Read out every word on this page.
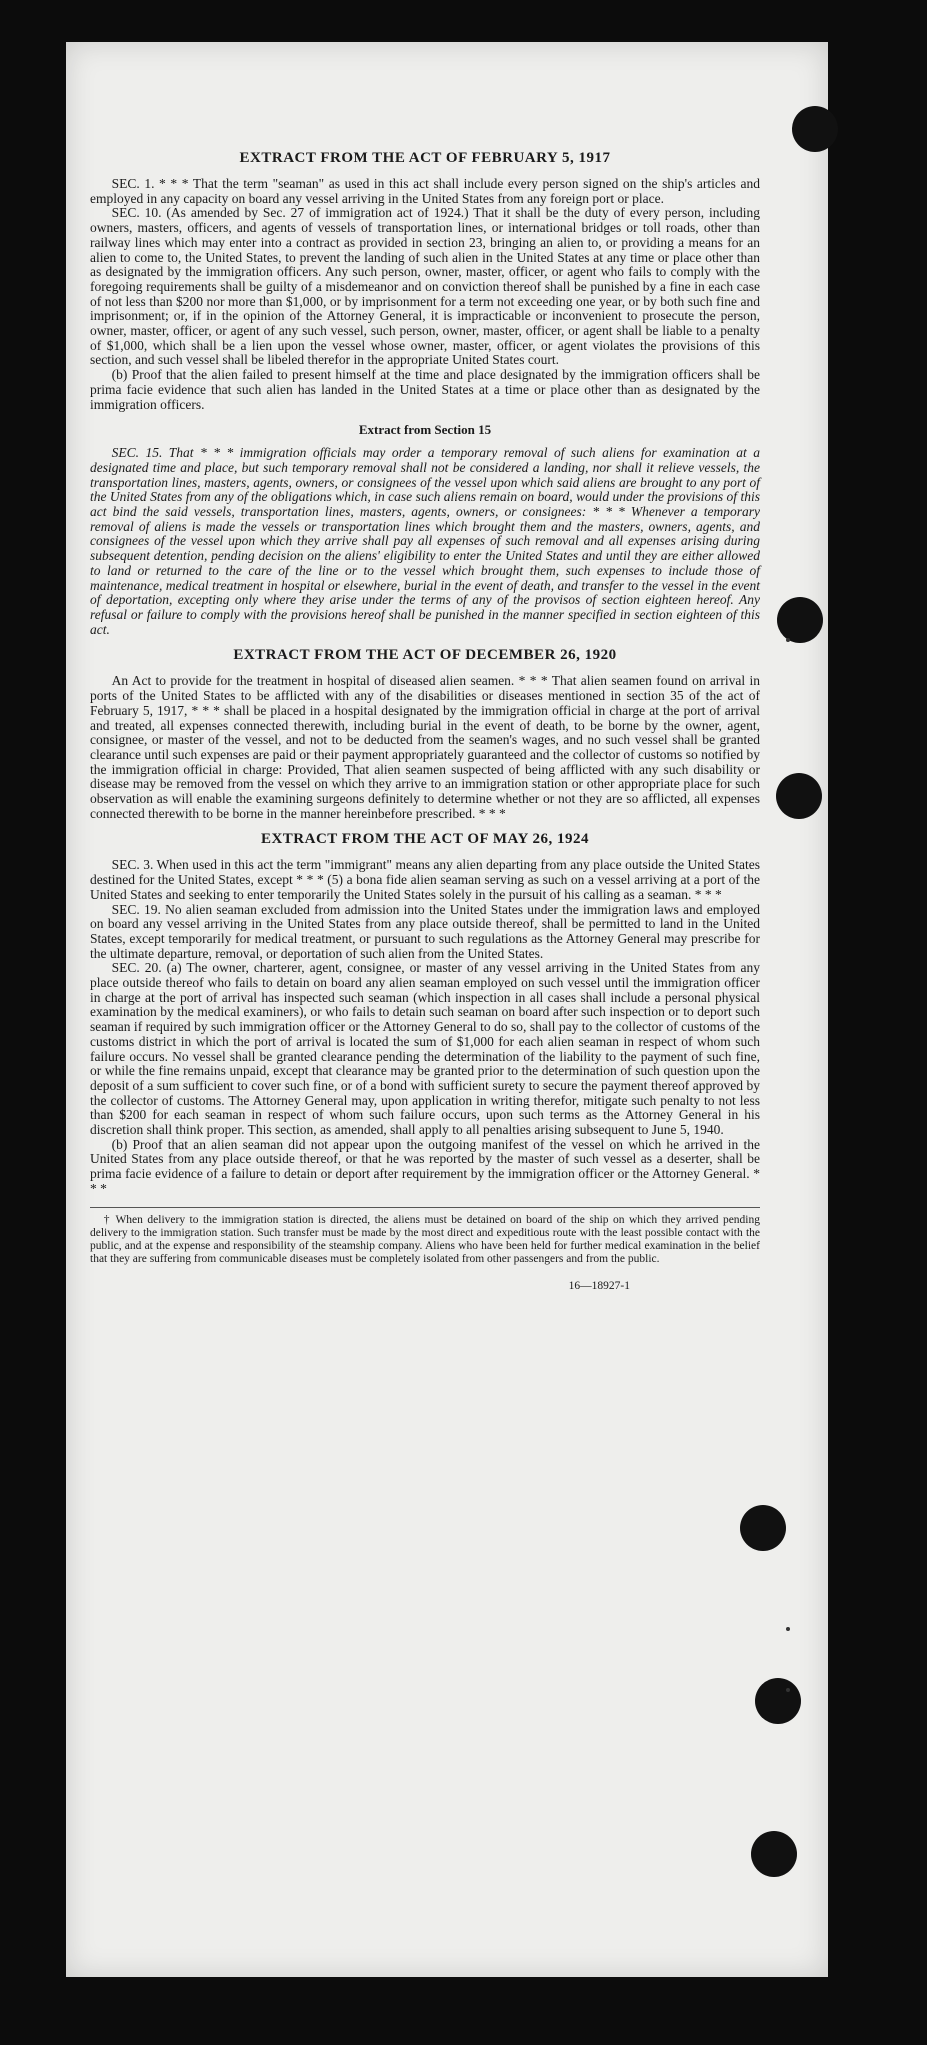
EXTRACT FROM THE ACT OF FEBRUARY 5, 1917

SEC. 1. * * * That the term "seaman" as used in this act shall include every person signed on the ship's articles and employed in any capacity on board any vessel arriving in the United States from any foreign port or place.

SEC. 10. (As amended by Sec. 27 of immigration act of 1924.) That it shall be the duty of every person, including owners, masters, officers, and agents of vessels of transportation lines, or international bridges or toll roads, other than railway lines which may enter into a contract as provided in section 23, bringing an alien to, or providing a means for an alien to come to, the United States, to prevent the landing of such alien in the United States at any time or place other than as designated by the immigration officers. Any such person, owner, master, officer, or agent who fails to comply with the foregoing requirements shall be guilty of a misdemeanor and on conviction thereof shall be punished by a fine in each case of not less than $200 nor more than $1,000, or by imprisonment for a term not exceeding one year, or by both such fine and imprisonment; or, if in the opinion of the Attorney General, it is impracticable or inconvenient to prosecute the person, owner, master, officer, or agent of any such vessel, such person, owner, master, officer, or agent shall be liable to a penalty of $1,000, which shall be a lien upon the vessel whose owner, master, officer, or agent violates the provisions of this section, and such vessel shall be libeled therefor in the appropriate United States court.

(b) Proof that the alien failed to present himself at the time and place designated by the immigration officers shall be prima facie evidence that such alien has landed in the United States at a time or place other than as designated by the immigration officers.

Extract from Section 15

SEC. 15. That * * * immigration officials may order a temporary removal of such aliens for examination at a designated time and place, but such temporary removal shall not be considered a landing, nor shall it relieve vessels, the transportation lines, masters, agents, owners, or consignees of the vessel upon which said aliens are brought to any port of the United States from any of the obligations which, in case such aliens remain on board, would under the provisions of this act bind the said vessels, transportation lines, masters, agents, owners, or consignees: * * * Whenever a temporary removal of aliens is made the vessels or transportation lines which brought them and the masters, owners, agents, and consignees of the vessel upon which they arrive shall pay all expenses of such removal and all expenses arising during subsequent detention, pending decision on the aliens' eligibility to enter the United States and until they are either allowed to land or returned to the care of the line or to the vessel which brought them, such expenses to include those of maintenance, medical treatment in hospital or elsewhere, burial in the event of death, and transfer to the vessel in the event of deportation, excepting only where they arise under the terms of any of the provisos of section eighteen hereof. Any refusal or failure to comply with the provisions hereof shall be punished in the manner specified in section eighteen of this act.

EXTRACT FROM THE ACT OF DECEMBER 26, 1920

An Act to provide for the treatment in hospital of diseased alien seamen. * * * That alien seamen found on arrival in ports of the United States to be afflicted with any of the disabilities or diseases mentioned in section 35 of the act of February 5, 1917, * * * shall be placed in a hospital designated by the immigration official in charge at the port of arrival and treated, all expenses connected therewith, including burial in the event of death, to be borne by the owner, agent, consignee, or master of the vessel, and not to be deducted from the seamen's wages, and no such vessel shall be granted clearance until such expenses are paid or their payment appropriately guaranteed and the collector of customs so notified by the immigration official in charge: Provided, That alien seamen suspected of being afflicted with any such disability or disease may be removed from the vessel on which they arrive to an immigration station or other appropriate place for such observation as will enable the examining surgeons definitely to determine whether or not they are so afflicted, all expenses connected therewith to be borne in the manner hereinbefore prescribed. * * *

EXTRACT FROM THE ACT OF MAY 26, 1924

SEC. 3. When used in this act the term "immigrant" means any alien departing from any place outside the United States destined for the United States, except * * * (5) a bona fide alien seaman serving as such on a vessel arriving at a port of the United States and seeking to enter temporarily the United States solely in the pursuit of his calling as a seaman. * * *

SEC. 19. No alien seaman excluded from admission into the United States under the immigration laws and employed on board any vessel arriving in the United States from any place outside thereof, shall be permitted to land in the United States, except temporarily for medical treatment, or pursuant to such regulations as the Attorney General may prescribe for the ultimate departure, removal, or deportation of such alien from the United States.

SEC. 20. (a) The owner, charterer, agent, consignee, or master of any vessel arriving in the United States from any place outside thereof who fails to detain on board any alien seaman employed on such vessel until the immigration officer in charge at the port of arrival has inspected such seaman (which inspection in all cases shall include a personal physical examination by the medical examiners), or who fails to detain such seaman on board after such inspection or to deport such seaman if required by such immigration officer or the Attorney General to do so, shall pay to the collector of customs of the customs district in which the port of arrival is located the sum of $1,000 for each alien seaman in respect of whom such failure occurs. No vessel shall be granted clearance pending the determination of the liability to the payment of such fine, or while the fine remains unpaid, except that clearance may be granted prior to the determination of such question upon the deposit of a sum sufficient to cover such fine, or of a bond with sufficient surety to secure the payment thereof approved by the collector of customs. The Attorney General may, upon application in writing therefor, mitigate such penalty to not less than $200 for each seaman in respect of whom such failure occurs, upon such terms as the Attorney General in his discretion shall think proper. This section, as amended, shall apply to all penalties arising subsequent to June 5, 1940.

(b) Proof that an alien seaman did not appear upon the outgoing manifest of the vessel on which he arrived in the United States from any place outside thereof, or that he was reported by the master of such vessel as a deserter, shall be prima facie evidence of a failure to detain or deport after requirement by the immigration officer or the Attorney General. * * *

† When delivery to the immigration station is directed, the aliens must be detained on board of the ship on which they arrived pending delivery to the immigration station. Such transfer must be made by the most direct and expeditious route with the least possible contact with the public, and at the expense and responsibility of the steamship company. Aliens who have been held for further medical examination in the belief that they are suffering from communicable diseases must be completely isolated from other passengers and from the public.
16—18927-1
